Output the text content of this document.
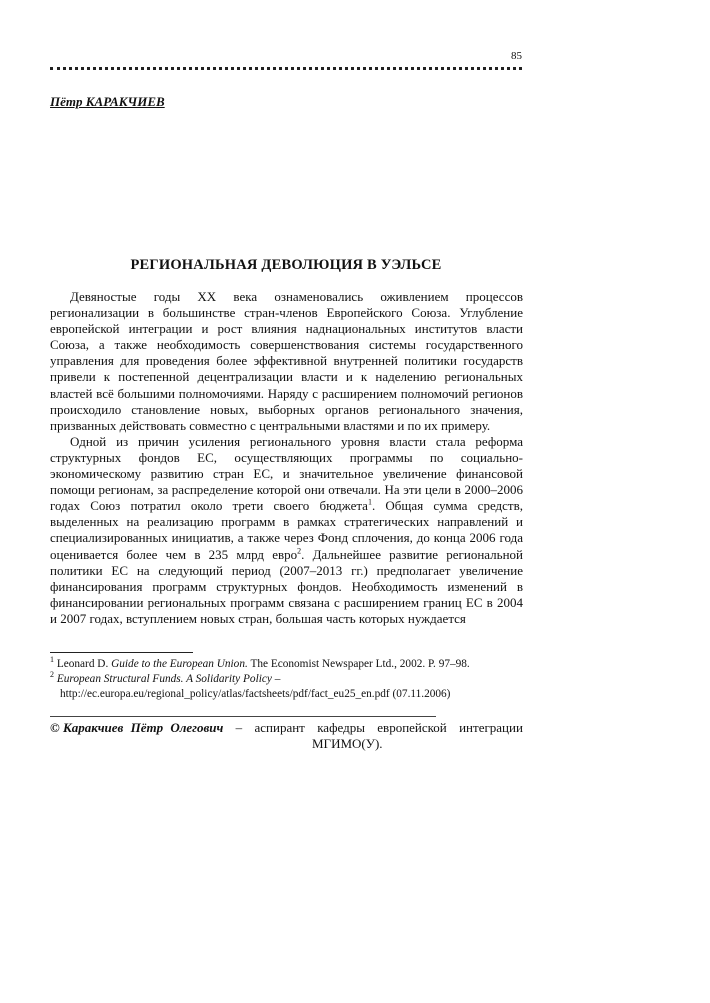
85
Пётр КАРАКЧИЕВ
РЕГИОНАЛЬНАЯ ДЕВОЛЮЦИЯ В УЭЛЬСЕ

Девяностые годы XX века ознаменовались оживлением процессов регионализации в большинстве стран-членов Европейского Союза. Углубление европейской интеграции и рост влияния наднациональных институтов власти Союза, а также необходимость совершенствования системы государственного управления для проведения более эффективной внутренней политики государств привели к постепенной децентрализации власти и к наделению региональных властей всё большими полномочиями. Наряду с расширением полномочий регионов происходило становление новых, выборных органов регионального значения, призванных действовать совместно с центральными властями и по их примеру.

Одной из причин усиления регионального уровня власти стала реформа структурных фондов ЕС, осуществляющих программы по социально-экономическому развитию стран ЕС, и значительное увеличение финансовой помощи регионам, за распределение которой они отвечали. На эти цели в 2000–2006 годах Союз потратил около трети своего бюджета$^1$. Общая сумма средств, выделенных на реализацию программ в рамках стратегических направлений и специализированных инициатив, а также через Фонд сплочения, до конца 2006 года оценивается более чем в 235 млрд евро$^2$. Дальнейшее развитие региональной политики ЕС на следующий период (2007–2013 гг.) предполагает увеличение финансирования программ структурных фондов. Необходимость изменений в финансировании региональных программ связана с расширением границ ЕС в 2004 и 2007 годах, вступлением новых стран, большая часть которых нуждается

$^1$ Leonard D. Guide to the European Union. The Economist Newspaper Ltd., 2002. P. 97–98.
$^2$ European Structural Funds. A Solidarity Policy –
http://ec.europa.eu/regional_policy/atlas/factsheets/pdf/fact_eu25_en.pdf (07.11.2006)
© Каракчиев Пётр Олегович – аспирант кафедры европейской интеграции
МГИМО(У).
